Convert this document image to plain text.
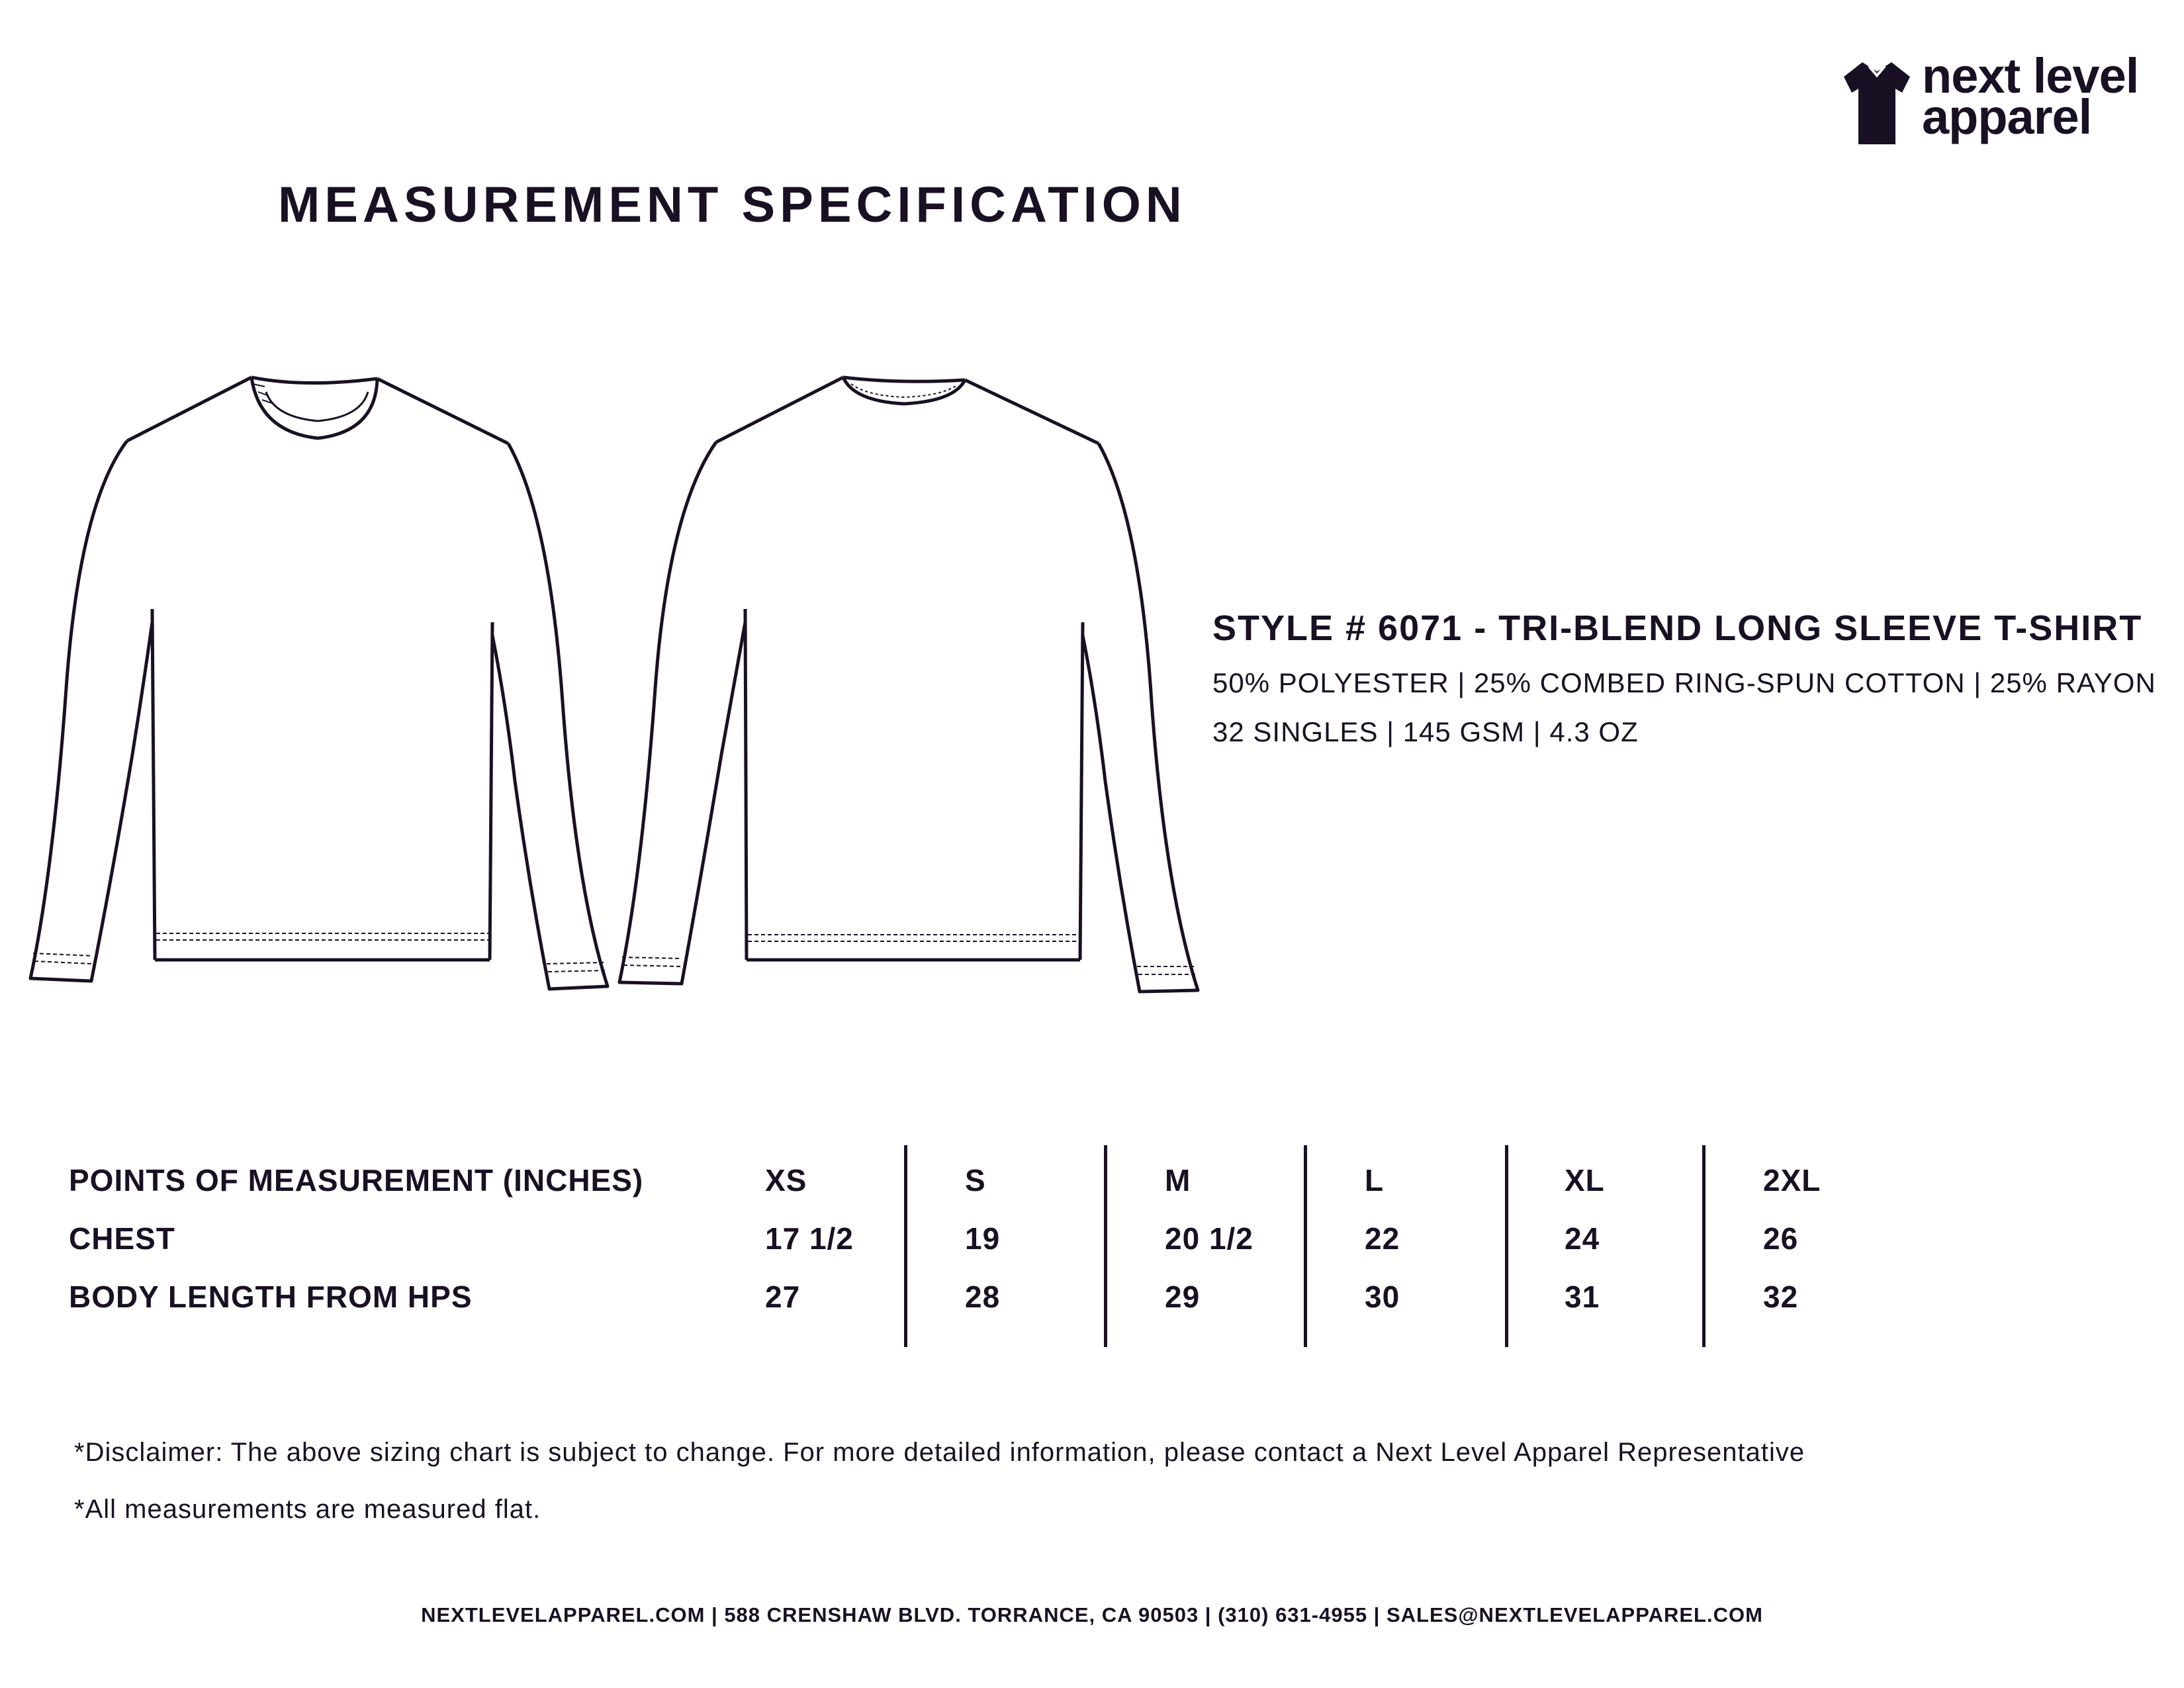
MEASUREMENT SPECIFICATION
next level
apparel
STYLE # 6071 - TRI-BLEND LONG SLEEVE T-SHIRT
50% POLYESTER | 25% COMBED RING-SPUN COTTON | 25% RAYON
32 SINGLES | 145 GSM | 4.3 OZ
POINTS OF MEASUREMENT (INCHES)	XS	S	M	L	XL	2XL
CHEST	17 1/2	19	20 1/2	22	24	26
BODY LENGTH FROM HPS	27	28	29	30	31	32
*Disclaimer: The above sizing chart is subject to change. For more detailed information, please contact a Next Level Apparel Representative
*All measurements are measured flat.
NEXTLEVELAPPAREL.COM | 588 CRENSHAW BLVD. TORRANCE, CA 90503 | (310) 631-4955 | SALES@NEXTLEVELAPPAREL.COM
